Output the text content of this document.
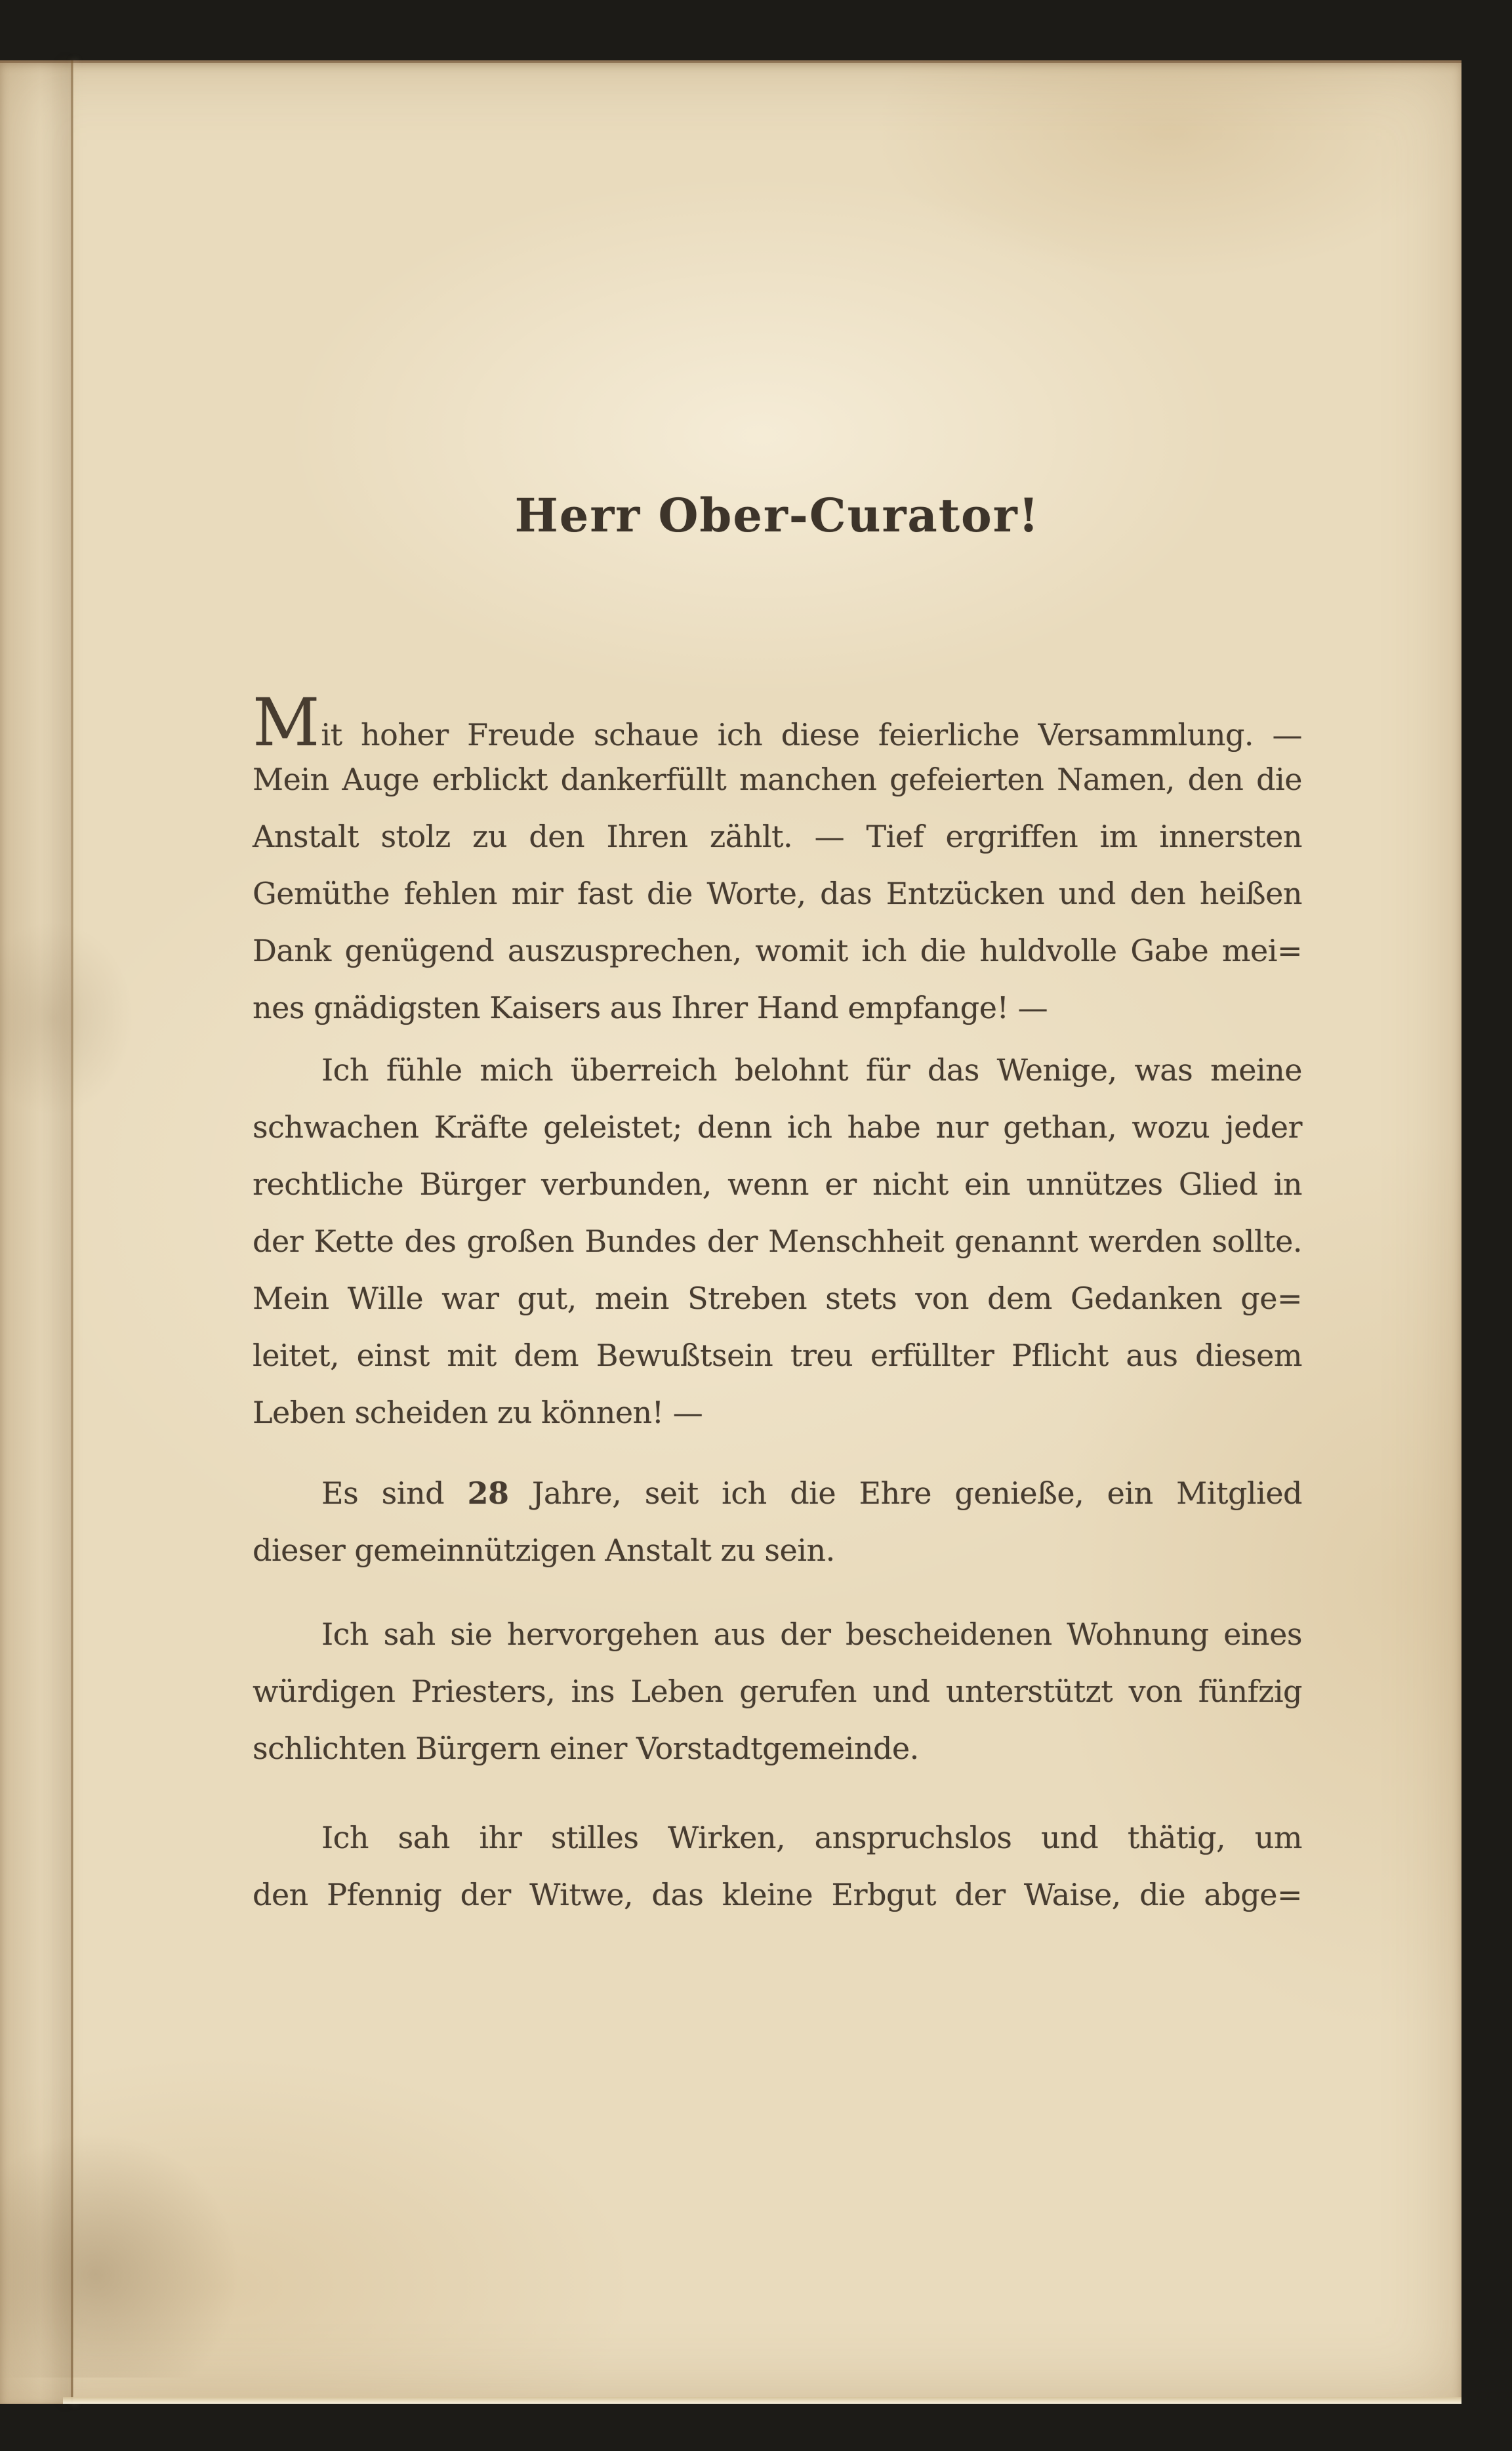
Herr Ober-Curator!
Mit hoher Freude schaue ich diese feierliche Versammlung. —
Mein Auge erblickt dankerfüllt manchen gefeierten Namen, den die
Anstalt stolz zu den Ihren zählt. — Tief ergriffen im innersten
Gemüthe fehlen mir fast die Worte, das Entzücken und den heißen
Dank genügend auszusprechen, womit ich die huldvolle Gabe mei=
nes gnädigsten Kaisers aus Ihrer Hand empfange! —
Ich fühle mich überreich belohnt für das Wenige, was meine
schwachen Kräfte geleistet; denn ich habe nur gethan, wozu jeder
rechtliche Bürger verbunden, wenn er nicht ein unnützes Glied in
der Kette des großen Bundes der Menschheit genannt werden sollte.
Mein Wille war gut, mein Streben stets von dem Gedanken ge=
leitet, einst mit dem Bewußtsein treu erfüllter Pflicht aus diesem
Leben scheiden zu können! —
Es sind 28 Jahre, seit ich die Ehre genieße, ein Mitglied
dieser gemeinnützigen Anstalt zu sein.
Ich sah sie hervorgehen aus der bescheidenen Wohnung eines
würdigen Priesters, ins Leben gerufen und unterstützt von fünfzig
schlichten Bürgern einer Vorstadtgemeinde.
Ich sah ihr stilles Wirken, anspruchslos und thätig, um
den Pfennig der Witwe, das kleine Erbgut der Waise, die abge=
